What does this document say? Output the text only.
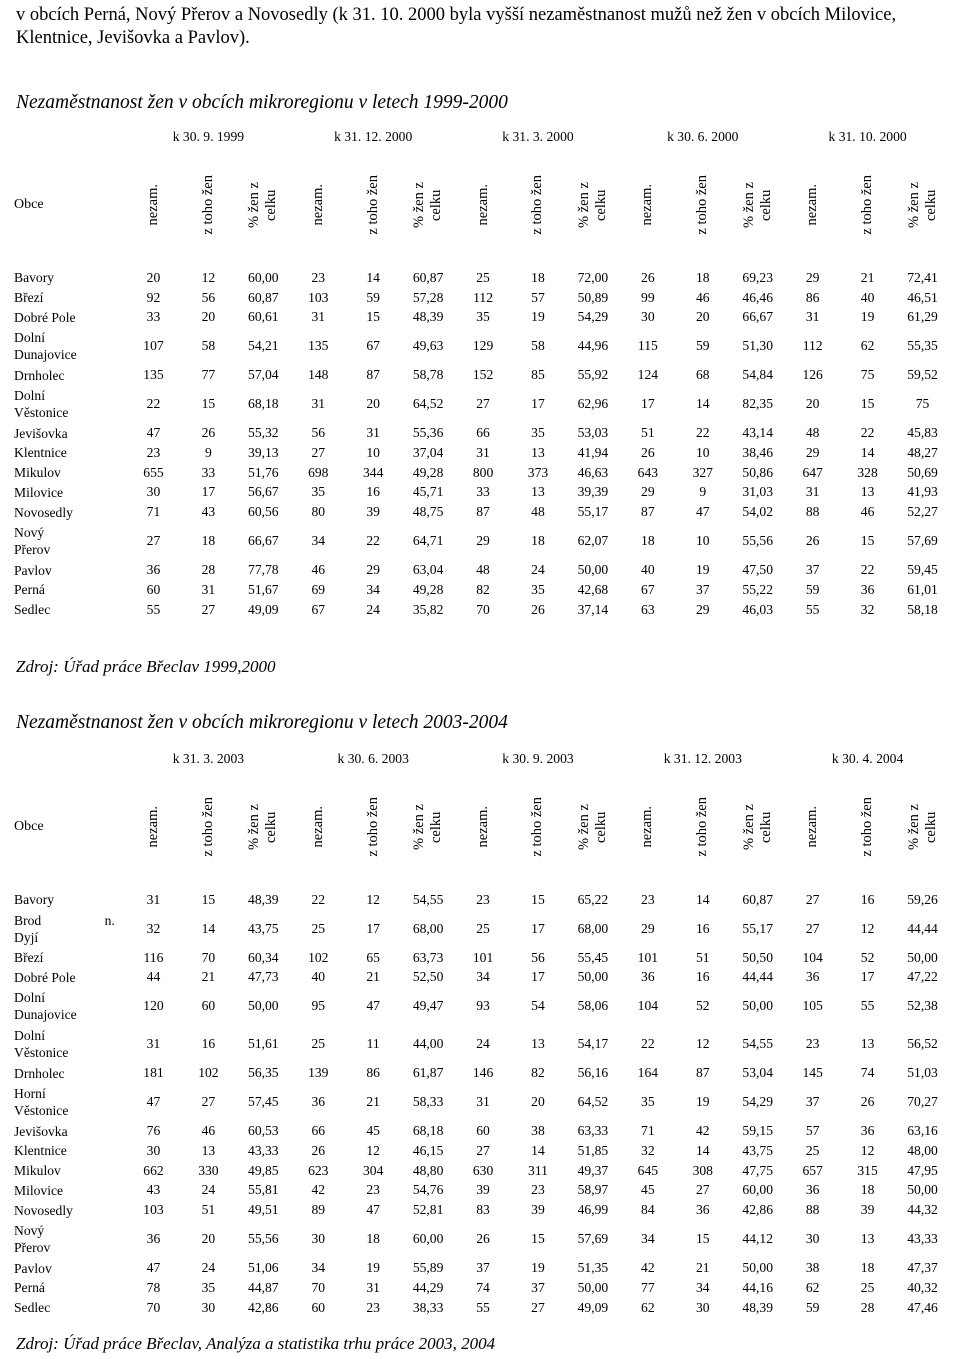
v obcích Perná, Nový Přerov a Novosedly (k 31. 10. 2000 byla vyšší nezaměstnanost mužů než žen v obcích Milovice, Klentnice, Jevišovka a Pavlov).

Nezaměstnanost žen v obcích mikroregionu v letech 1999-2000

	k 30. 9. 1999			k 31. 12. 2000			k 31. 3. 2000			k 30. 6. 2000			k 31. 10. 2000		
Obce	nezam.	z toho žen	% žen z celku	nezam.	z toho žen	% žen z celku	nezam.	z toho žen	% žen z celku	nezam.	z toho žen	% žen z celku	nezam.	z toho žen	% žen z celku

Bavory	20	12	60,00	23	14	60,87	25	18	72,00	26	18	69,23	29	21	72,41
Březí	92	56	60,87	103	59	57,28	112	57	50,89	99	46	46,46	86	40	46,51
Dobré Pole	33	20	60,61	31	15	48,39	35	19	54,29	30	20	66,67	31	19	61,29
Dolní Dunajovice	107	58	54,21	135	67	49,63	129	58	44,96	115	59	51,30	112	62	55,35
Drnholec	135	77	57,04	148	87	58,78	152	85	55,92	124	68	54,84	126	75	59,52
Dolní Věstonice	22	15	68,18	31	20	64,52	27	17	62,96	17	14	82,35	20	15	75
Jevišovka	47	26	55,32	56	31	55,36	66	35	53,03	51	22	43,14	48	22	45,83
Klentnice	23	9	39,13	27	10	37,04	31	13	41,94	26	10	38,46	29	14	48,27
Mikulov	655	33	51,76	698	344	49,28	800	373	46,63	643	327	50,86	647	328	50,69
Milovice	30	17	56,67	35	16	45,71	33	13	39,39	29	9	31,03	31	13	41,93
Novosedly	71	43	60,56	80	39	48,75	87	48	55,17	87	47	54,02	88	46	52,27
Nový Přerov	27	18	66,67	34	22	64,71	29	18	62,07	18	10	55,56	26	15	57,69
Pavlov	36	28	77,78	46	29	63,04	48	24	50,00	40	19	47,50	37	22	59,45
Perná	60	31	51,67	69	34	49,28	82	35	42,68	67	37	55,22	59	36	61,01
Sedlec	55	27	49,09	67	24	35,82	70	26	37,14	63	29	46,03	55	32	58,18

Zdroj: Úřad práce Břeclav 1999,2000

Nezaměstnanost žen v obcích mikroregionu v letech 2003-2004

	k 31. 3. 2003			k 30. 6. 2003			k 30. 9. 2003			k 31. 12. 2003			k 30. 4. 2004		
Obce	nezam.	z toho žen	% žen z celku	nezam.	z toho žen	% žen z celku	nezam.	z toho žen	% žen z celku	nezam.	z toho žen	% žen z celku	nezam.	z toho žen	% žen z celku

Bavory	31	15	48,39	22	12	54,55	23	15	65,22	23	14	60,87	27	16	59,26
Brod n. Dyjí	32	14	43,75	25	17	68,00	25	17	68,00	29	16	55,17	27	12	44,44
Březí	116	70	60,34	102	65	63,73	101	56	55,45	101	51	50,50	104	52	50,00
Dobré Pole	44	21	47,73	40	21	52,50	34	17	50,00	36	16	44,44	36	17	47,22
Dolní Dunajovice	120	60	50,00	95	47	49,47	93	54	58,06	104	52	50,00	105	55	52,38
Dolní Věstonice	31	16	51,61	25	11	44,00	24	13	54,17	22	12	54,55	23	13	56,52
Drnholec	181	102	56,35	139	86	61,87	146	82	56,16	164	87	53,04	145	74	51,03
Horní Věstonice	47	27	57,45	36	21	58,33	31	20	64,52	35	19	54,29	37	26	70,27
Jevišovka	76	46	60,53	66	45	68,18	60	38	63,33	71	42	59,15	57	36	63,16
Klentnice	30	13	43,33	26	12	46,15	27	14	51,85	32	14	43,75	25	12	48,00
Mikulov	662	330	49,85	623	304	48,80	630	311	49,37	645	308	47,75	657	315	47,95
Milovice	43	24	55,81	42	23	54,76	39	23	58,97	45	27	60,00	36	18	50,00
Novosedly	103	51	49,51	89	47	52,81	83	39	46,99	84	36	42,86	88	39	44,32
Nový Přerov	36	20	55,56	30	18	60,00	26	15	57,69	34	15	44,12	30	13	43,33
Pavlov	47	24	51,06	34	19	55,89	37	19	51,35	42	21	50,00	38	18	47,37
Perná	78	35	44,87	70	31	44,29	74	37	50,00	77	34	44,16	62	25	40,32
Sedlec	70	30	42,86	60	23	38,33	55	27	49,09	62	30	48,39	59	28	47,46

Zdroj: Úřad práce Břeclav, Analýza a statistika trhu práce 2003, 2004
